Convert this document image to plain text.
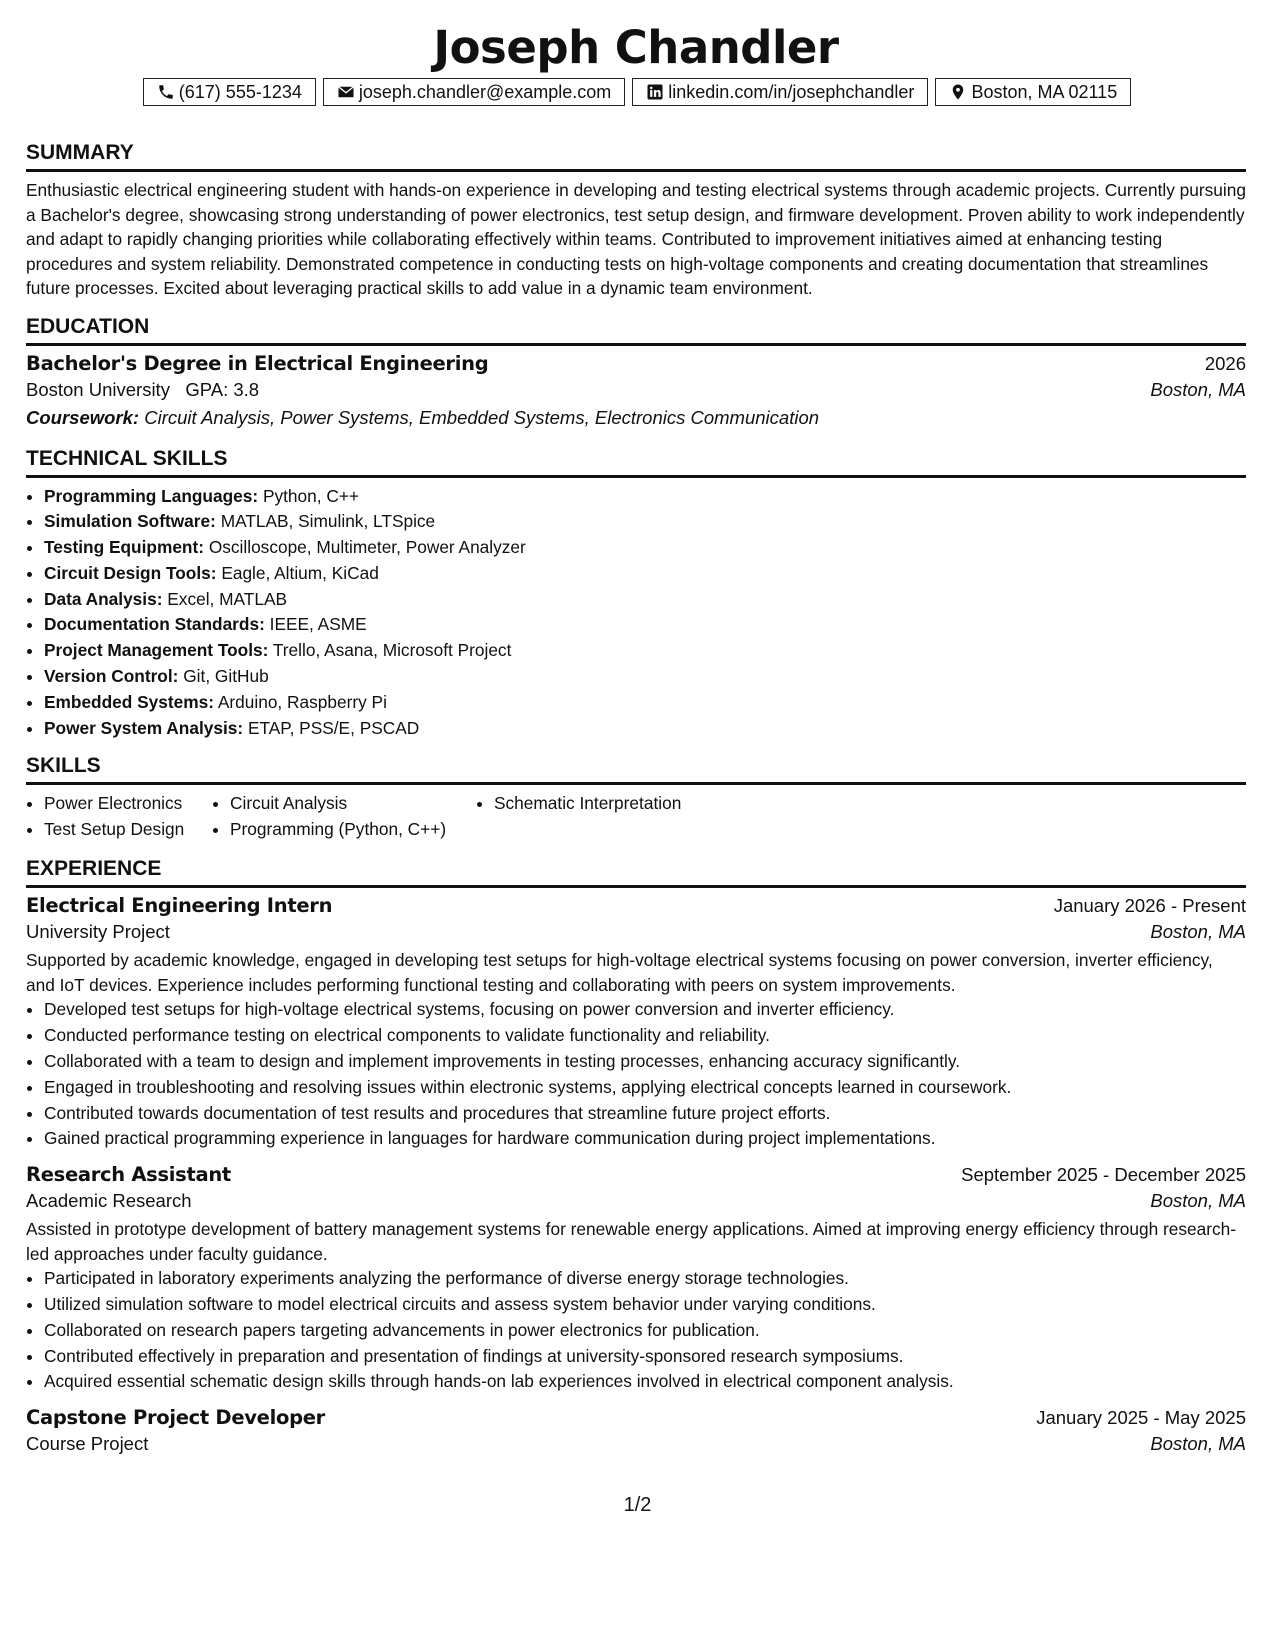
Joseph Chandler
(617) 555-1234	joseph.chandler@example.com	linkedin.com/in/josephchandler	Boston, MA 02115
SUMMARY
Enthusiastic electrical engineering student with hands-on experience in developing and testing electrical systems through academic projects. Currently pursuing a Bachelor's degree, showcasing strong understanding of power electronics, test setup design, and firmware development. Proven ability to work independently and adapt to rapidly changing priorities while collaborating effectively within teams. Contributed to improvement initiatives aimed at enhancing testing procedures and system reliability. Demonstrated competence in conducting tests on high-voltage components and creating documentation that streamlines future processes. Excited about leveraging practical skills to add value in a dynamic team environment.
EDUCATION
Bachelor's Degree in Electrical Engineering	2026
Boston University GPA: 3.8	Boston, MA
Coursework: Circuit Analysis, Power Systems, Embedded Systems, Electronics Communication
TECHNICAL SKILLS
• Programming Languages: Python, C++
• Simulation Software: MATLAB, Simulink, LTSpice
• Testing Equipment: Oscilloscope, Multimeter, Power Analyzer
• Circuit Design Tools: Eagle, Altium, KiCad
• Data Analysis: Excel, MATLAB
• Documentation Standards: IEEE, ASME
• Project Management Tools: Trello, Asana, Microsoft Project
• Version Control: Git, GitHub
• Embedded Systems: Arduino, Raspberry Pi
• Power System Analysis: ETAP, PSS/E, PSCAD
SKILLS
• Power Electronics
• Test Setup Design
• Circuit Analysis
• Programming (Python, C++)
• Schematic Interpretation
EXPERIENCE
Electrical Engineering Intern	January 2026 - Present
University Project	Boston, MA
Supported by academic knowledge, engaged in developing test setups for high-voltage electrical systems focusing on power conversion, inverter efficiency, and IoT devices. Experience includes performing functional testing and collaborating with peers on system improvements.
• Developed test setups for high-voltage electrical systems, focusing on power conversion and inverter efficiency.
• Conducted performance testing on electrical components to validate functionality and reliability.
• Collaborated with a team to design and implement improvements in testing processes, enhancing accuracy significantly.
• Engaged in troubleshooting and resolving issues within electronic systems, applying electrical concepts learned in coursework.
• Contributed towards documentation of test results and procedures that streamline future project efforts.
• Gained practical programming experience in languages for hardware communication during project implementations.
Research Assistant	September 2025 - December 2025
Academic Research	Boston, MA
Assisted in prototype development of battery management systems for renewable energy applications. Aimed at improving energy efficiency through research-led approaches under faculty guidance.
• Participated in laboratory experiments analyzing the performance of diverse energy storage technologies.
• Utilized simulation software to model electrical circuits and assess system behavior under varying conditions.
• Collaborated on research papers targeting advancements in power electronics for publication.
• Contributed effectively in preparation and presentation of findings at university-sponsored research symposiums.
• Acquired essential schematic design skills through hands-on lab experiences involved in electrical component analysis.
Capstone Project Developer	January 2025 - May 2025
Course Project	Boston, MA
1/2
